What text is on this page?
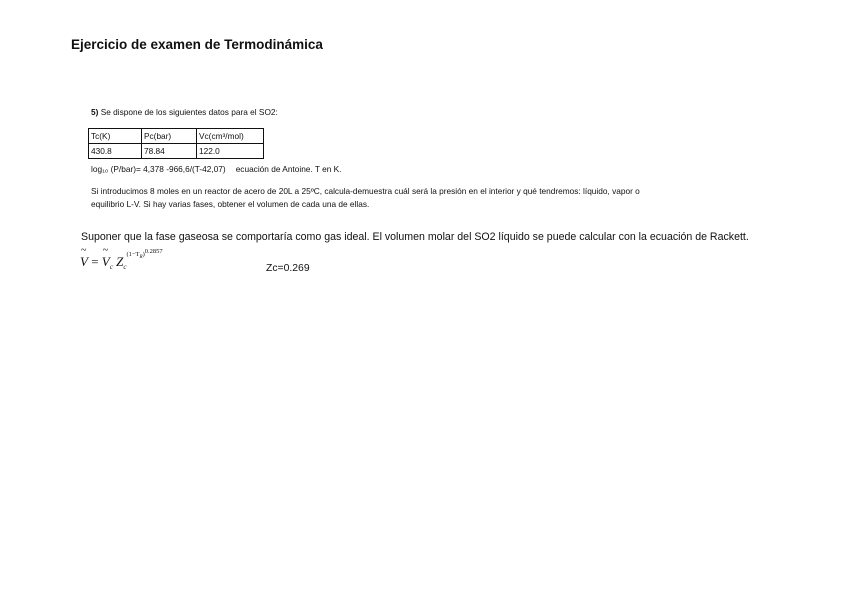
Ejercicio de examen de Termodinámica
5) Se dispone de los siguientes datos para el SO2:
Tc(K)	Pc(bar)	Vc(cm³/mol)
430.8	78.84	122.0
log₁₀ (P/bar)= 4,378 -966,6/(T-42,07) ecuación de Antoine. T en K.

Si introducimos 8 moles en un reactor de acero de 20L a 25ºC, calcula-demuestra cuál será la presión en el interior y qué tendremos: líquido, vapor o

equilibrio L-V. Si hay varias fases, obtener el volumen de cada una de ellas.

Suponer que la fase gaseosa se comportaría como gas ideal. El volumen molar del SO2 líquido se puede calcular con la ecuación de Rackett.
~
V =
~
$V_c$ $Z_c^{(1-T_R)0.2857}$
Zc=0.269
